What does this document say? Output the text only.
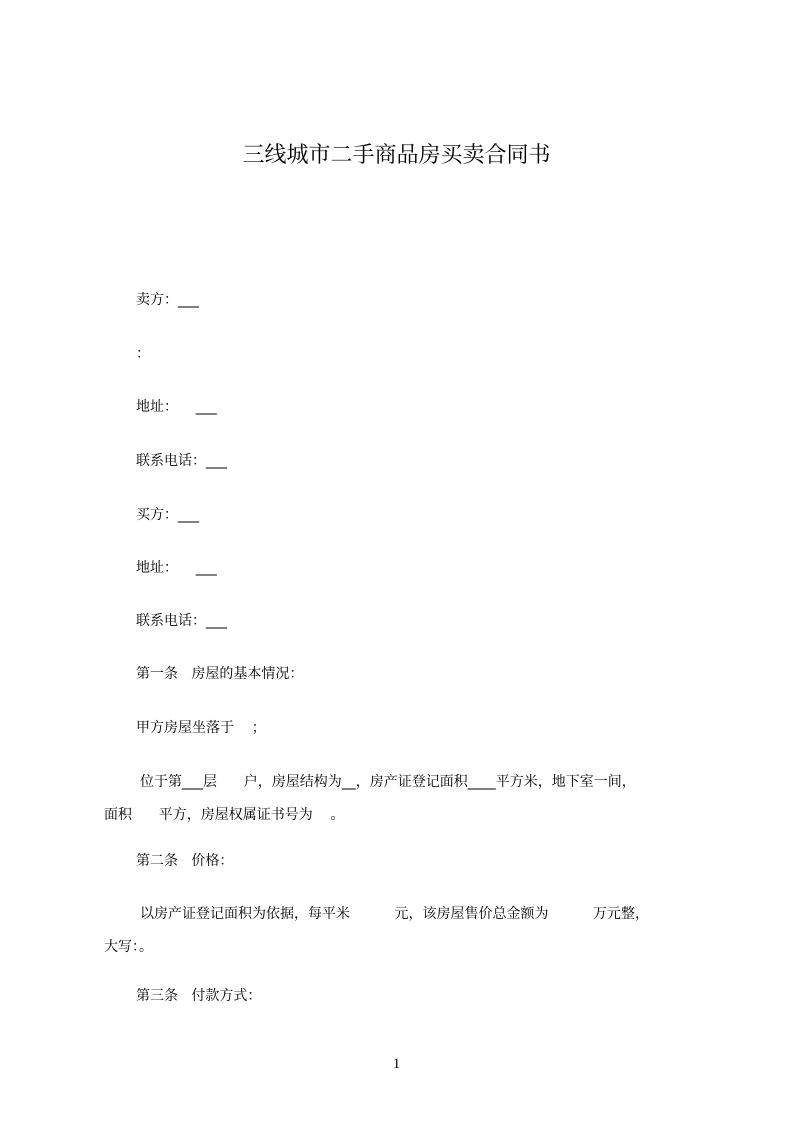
三线城市二手商品房买卖合同书
卖方：___
：
地址：    ___
联系电话：___
买方：___
地址：    ___
联系电话：___
第一条   房屋的基本情况：
甲方房屋坐落于    ；
位于第___层      户，房屋结构为__，房产证登记面积____平方米，地下室一间，
面积      平方，房屋权属证书号为    。
第二条   价格：
以房产证登记面积为依据，每平米          元，该房屋售价总金额为          万元整，
大写：。
第三条   付款方式：
1
